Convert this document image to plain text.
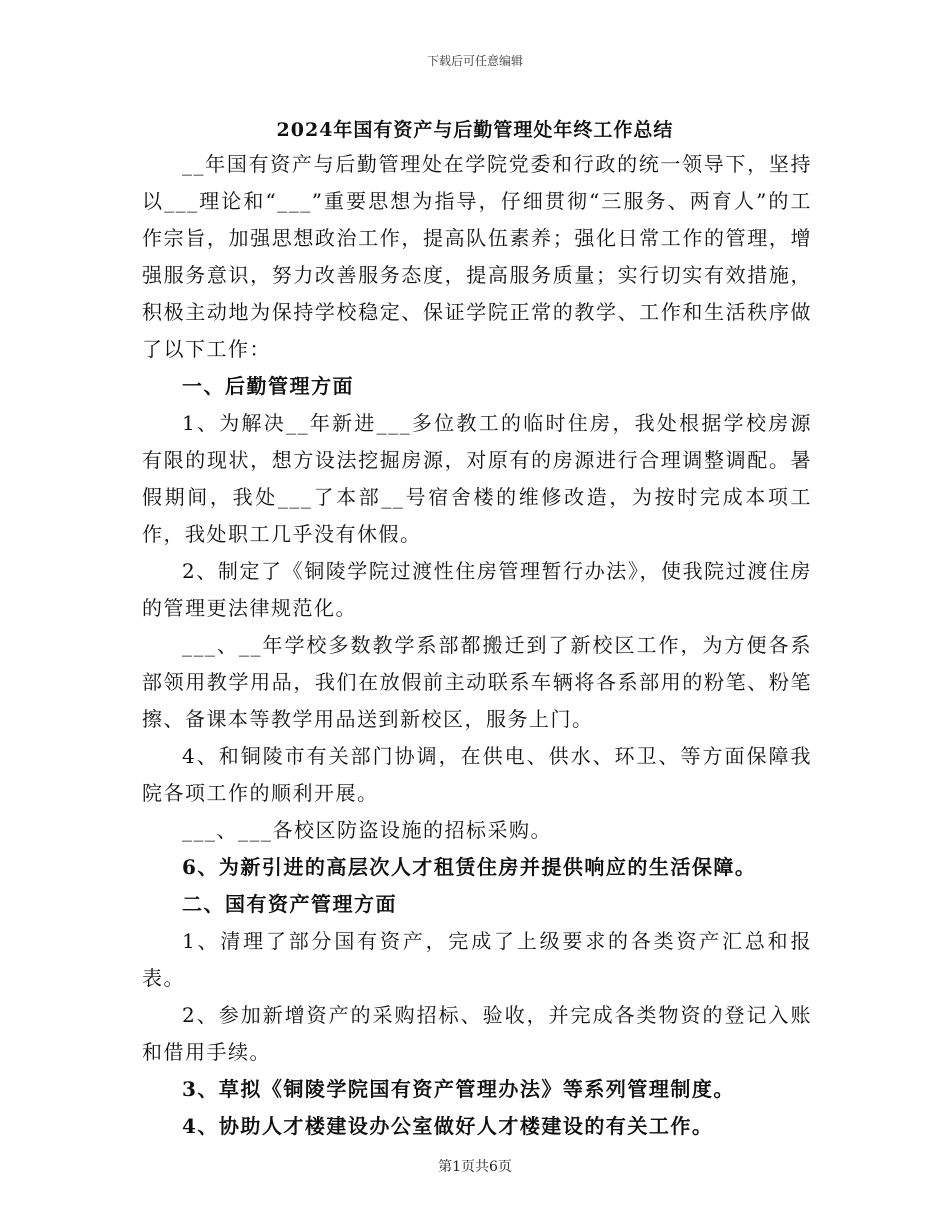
下载后可任意编辑
2024年国有资产与后勤管理处年终工作总结

__年国有资产与后勤管理处在学院党委和行政的统一领导下，坚持以___理论和“___”重要思想为指导，仔细贯彻“三服务、两育人”的工作宗旨，加强思想政治工作，提高队伍素养；强化日常工作的管理，增强服务意识，努力改善服务态度，提高服务质量；实行切实有效措施，积极主动地为保持学校稳定、保证学院正常的教学、工作和生活秩序做了以下工作：

一、后勤管理方面

1、为解决__年新进___多位教工的临时住房，我处根据学校房源有限的现状，想方设法挖掘房源，对原有的房源进行合理调整调配。暑假期间，我处___了本部__号宿舍楼的维修改造，为按时完成本项工作，我处职工几乎没有休假。

2、制定了《铜陵学院过渡性住房管理暂行办法》，使我院过渡住房的管理更法律规范化。

___、__年学校多数教学系部都搬迁到了新校区工作，为方便各系部领用教学用品，我们在放假前主动联系车辆将各系部用的粉笔、粉笔擦、备课本等教学用品送到新校区，服务上门。

4、和铜陵市有关部门协调，在供电、供水、环卫、等方面保障我院各项工作的顺利开展。

___、___各校区防盗设施的招标采购。

6、为新引进的高层次人才租赁住房并提供响应的生活保障。

二、国有资产管理方面

1、清理了部分国有资产，完成了上级要求的各类资产汇总和报表。

2、参加新增资产的采购招标、验收，并完成各类物资的登记入账和借用手续。

3、草拟《铜陵学院国有资产管理办法》等系列管理制度。

4、协助人才楼建设办公室做好人才楼建设的有关工作。

第1页共6页
